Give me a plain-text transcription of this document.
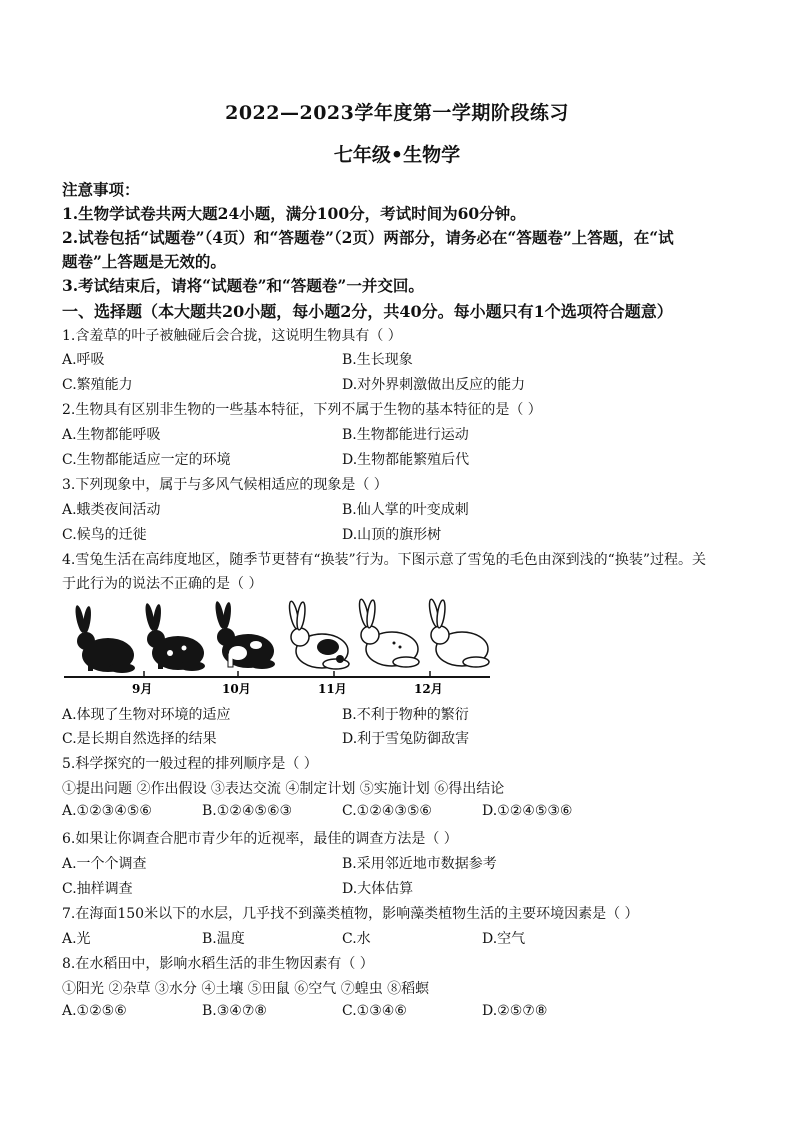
2022—2023学年度第一学期阶段练习
七年级•生物学
注意事项：
1.生物学试卷共两大题24小题，满分100分，考试时间为60分钟。
2.试卷包括“试题卷”（4页）和“答题卷”（2页）两部分，请务必在“答题卷”上答题，在“试
题卷”上答题是无效的。
3.考试结束后，请将“试题卷”和“答题卷”一并交回。
一、选择题（本大题共20小题，每小题2分，共40分。每小题只有1个选项符合题意）
1.含羞草的叶子被触碰后会合拢，这说明生物具有（ ）
A.呼吸	B.生长现象
C.繁殖能力	D.对外界刺激做出反应的能力
2.生物具有区别非生物的一些基本特征，下列不属于生物的基本特征的是（ ）
A.生物都能呼吸	B.生物都能进行运动
C.生物都能适应一定的环境	D.生物都能繁殖后代
3.下列现象中，属于与多风气候相适应的现象是（ ）
A.蛾类夜间活动	B.仙人掌的叶变成刺
C.候鸟的迁徙	D.山顶的旗形树
4.雪兔生活在高纬度地区，随季节更替有“换装”行为。下图示意了雪兔的毛色由深到浅的“换装”过程。关
于此行为的说法不正确的是（ ）
9月	10月	11月	12月
A.体现了生物对环境的适应	B.不利于物种的繁衍
C.是长期自然选择的结果	D.利于雪兔防御敌害
5.科学探究的一般过程的排列顺序是（ ）
①提出问题 ②作出假设 ③表达交流 ④制定计划 ⑤实施计划 ⑥得出结论
A.①②③④⑤⑥	B.①②④⑤⑥③	C.①②④③⑤⑥	D.①②④⑤③⑥
6.如果让你调查合肥市青少年的近视率，最佳的调查方法是（ ）
A.一个个调查	B.采用邻近地市数据参考
C.抽样调查	D.大体估算
7.在海面150米以下的水层，几乎找不到藻类植物，影响藻类植物生活的主要环境因素是（ ）
A.光	B.温度	C.水	D.空气
8.在水稻田中，影响水稻生活的非生物因素有（ ）
①阳光 ②杂草 ③水分 ④土壤 ⑤田鼠 ⑥空气 ⑦蝗虫 ⑧稻螟
A.①②⑤⑥	B.③④⑦⑧	C.①③④⑥	D.②⑤⑦⑧
